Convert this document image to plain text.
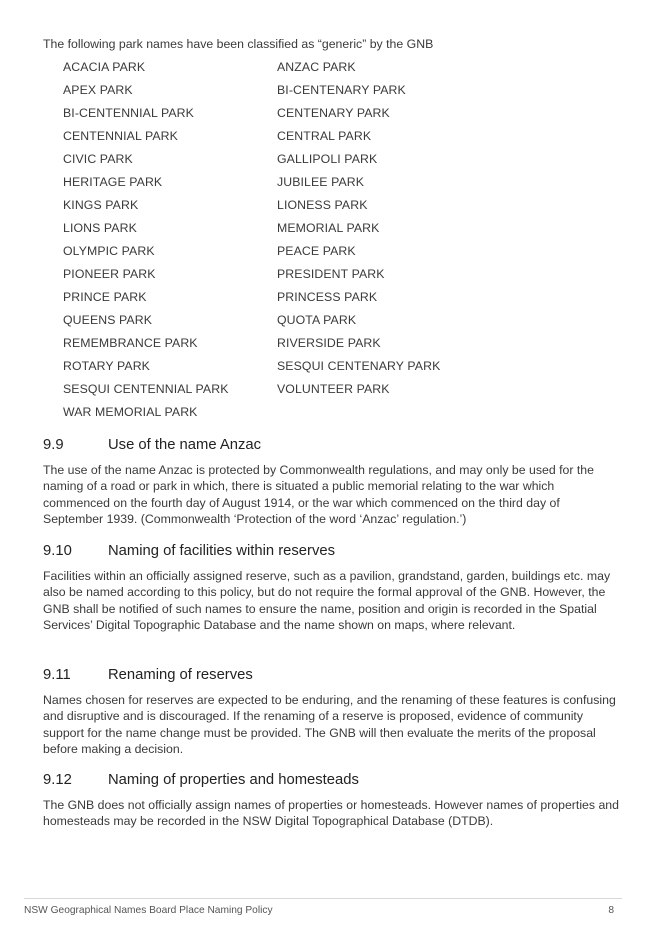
The following park names have been classified as “generic” by the GNB
ACACIA PARK	ANZAC PARK
APEX PARK	BI-CENTENARY PARK
BI-CENTENNIAL PARK	CENTENARY PARK
CENTENNIAL PARK	CENTRAL PARK
CIVIC PARK	GALLIPOLI PARK
HERITAGE PARK	JUBILEE PARK
KINGS PARK	LIONESS PARK
LIONS PARK	MEMORIAL PARK
OLYMPIC PARK	PEACE PARK
PIONEER PARK	PRESIDENT PARK
PRINCE PARK	PRINCESS PARK
QUEENS PARK	QUOTA PARK
REMEMBRANCE PARK	RIVERSIDE PARK
ROTARY PARK	SESQUI CENTENARY PARK
SESQUI CENTENNIAL PARK	VOLUNTEER PARK
WAR MEMORIAL PARK
9.9	Use of the name Anzac
The use of the name Anzac is protected by Commonwealth regulations, and may only be used for the naming of a road or park in which, there is situated a public memorial relating to the war which commenced on the fourth day of August 1914, or the war which commenced on the third day of September 1939. (Commonwealth ‘Protection of the word ‘Anzac’ regulation.’)
9.10 Naming of facilities within reserves
Facilities within an officially assigned reserve, such as a pavilion, grandstand, garden, buildings etc. may also be named according to this policy, but do not require the formal approval of the GNB. However, the GNB shall be notified of such names to ensure the name, position and origin is recorded in the Spatial Services’ Digital Topographic Database and the name shown on maps, where relevant.
9.11	Renaming of reserves
Names chosen for reserves are expected to be enduring, and the renaming of these features is confusing and disruptive and is discouraged. If the renaming of a reserve is proposed, evidence of community support for the name change must be provided. The GNB will then evaluate the merits of the proposal before making a decision.
9.12 Naming of properties and homesteads
The GNB does not officially assign names of properties or homesteads. However names of properties and homesteads may be recorded in the NSW Digital Topographical Database (DTDB).
NSW Geographical Names Board Place Naming Policy	8
